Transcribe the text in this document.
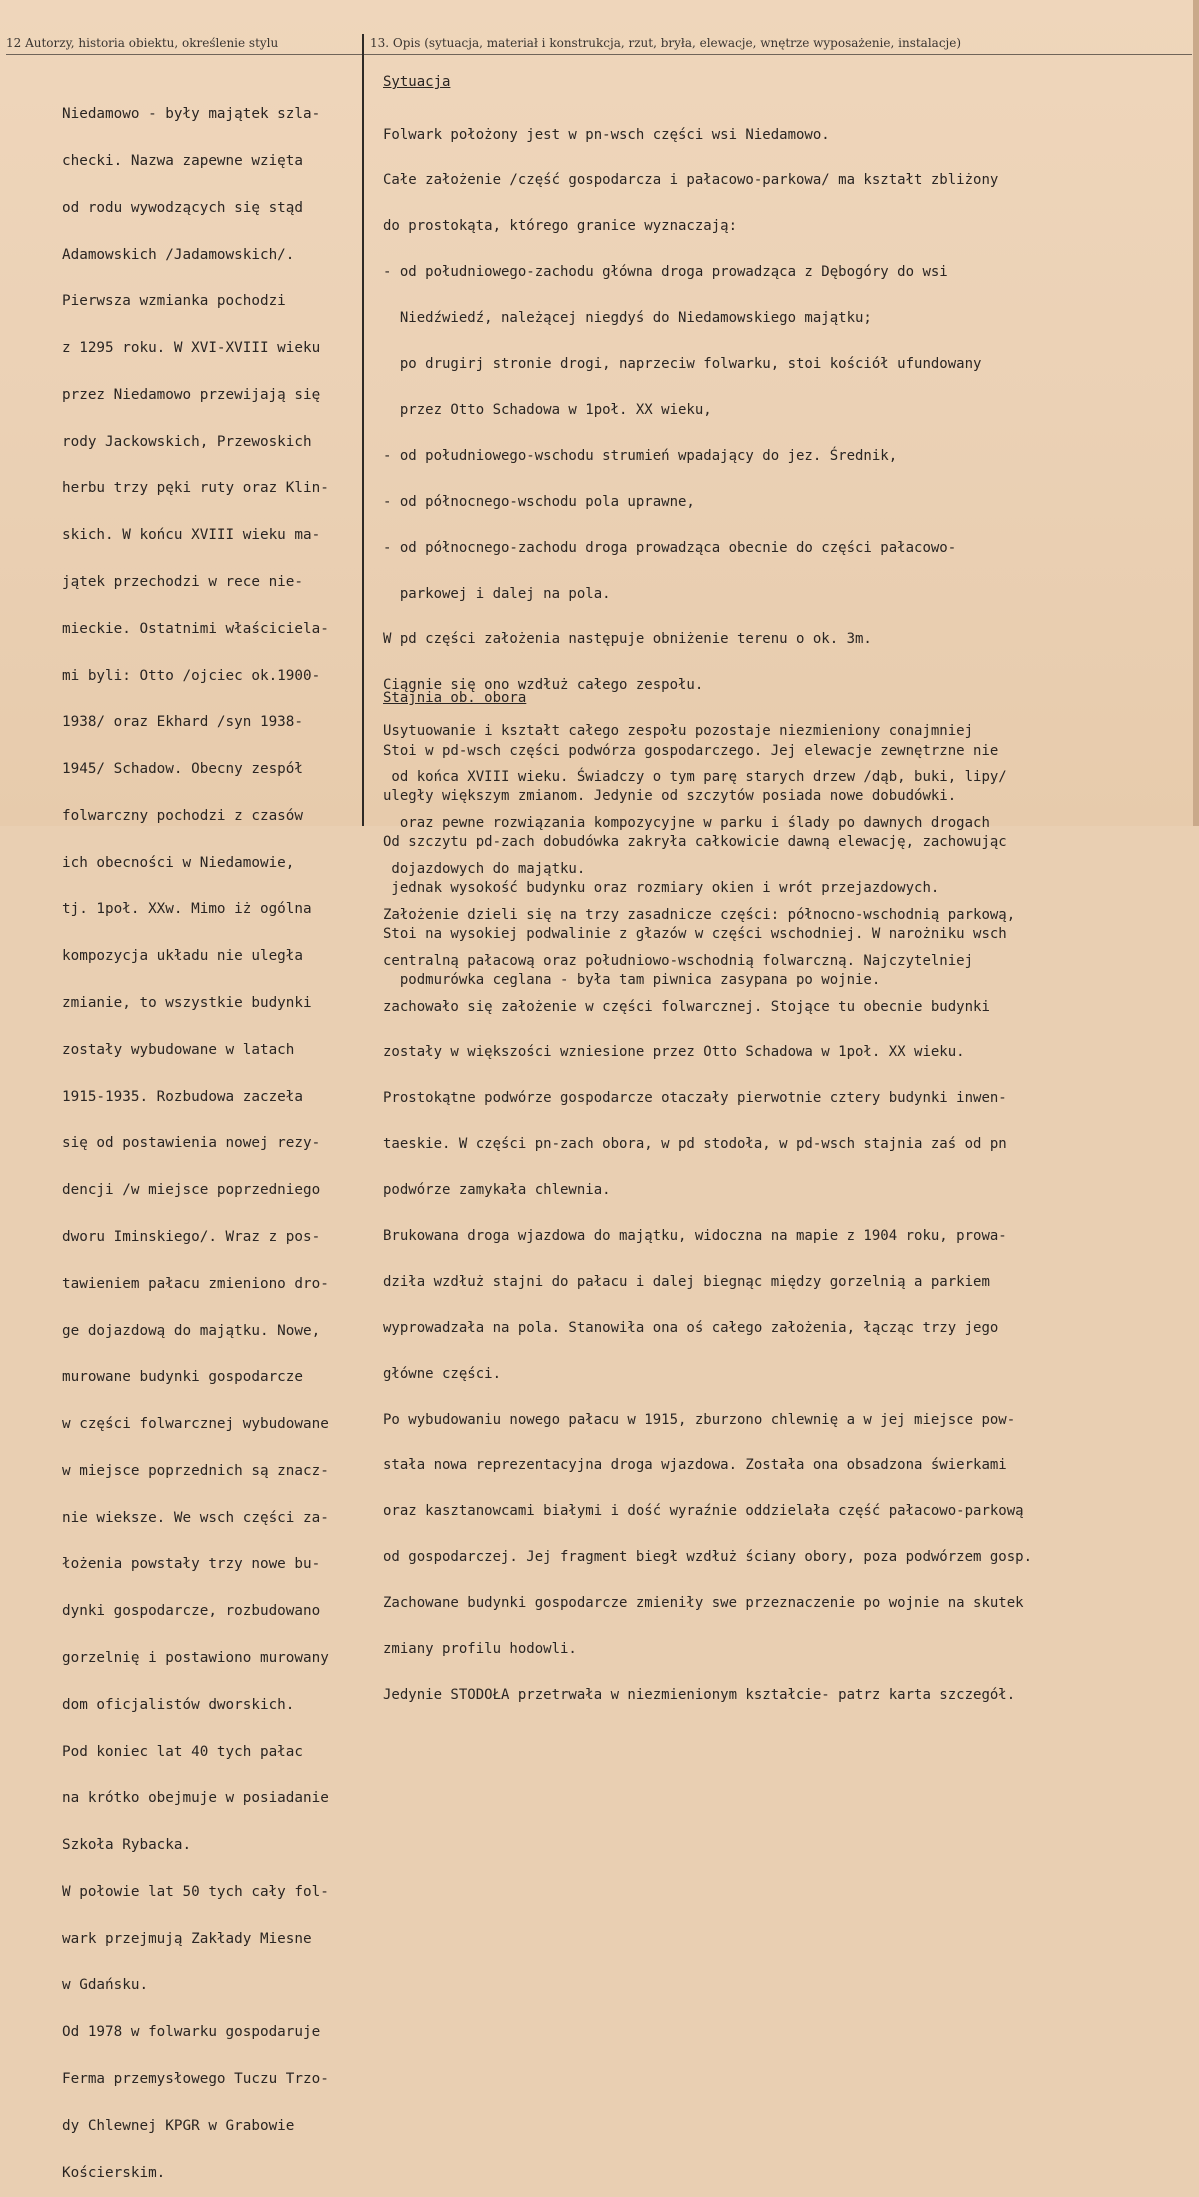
12 Autorzy, historia obiektu, określenie stylu	13. Opis (sytuacja, materiał i konstrukcja, rzut, bryła, elewacje, wnętrze wyposażenie, instalacje)

Niedamowo - były majątek szla-

checki. Nazwa zapewne wzięta

od rodu wywodzących się stąd

Adamowskich /Jadamowskich/.

Pierwsza wzmianka pochodzi

z 1295 roku. W XVI-XVIII wieku

przez Niedamowo przewijają się

rody Jackowskich, Przewoskich

herbu trzy pęki ruty oraz Klin-

skich. W końcu XVIII wieku ma-

jątek przechodzi w rece nie-

mieckie. Ostatnimi właściciela-

mi byli: Otto /ojciec ok.1900-

1938/ oraz Ekhard /syn 1938-

1945/ Schadow. Obecny zespół

folwarczny pochodzi z czasów

ich obecności w Niedamowie,

tj. 1poł. XXw. Mimo iż ogólna

kompozycja układu nie uległa

zmianie, to wszystkie budynki

zostały wybudowane w latach

1915-1935. Rozbudowa zaczeła

się od postawienia nowej rezy-

dencji /w miejsce poprzedniego

dworu Iminskiego/. Wraz z pos-

tawieniem pałacu zmieniono dro-

ge dojazdową do majątku. Nowe,

murowane budynki gospodarcze

w części folwarcznej wybudowane

w miejsce poprzednich są znacz-

nie wieksze. We wsch części za-

łożenia powstały trzy nowe bu-

dynki gospodarcze, rozbudowano

gorzelnię i postawiono murowany

dom oficjalistów dworskich.

Pod koniec lat 40 tych pałac

na krótko obejmuje w posiadanie

Szkoła Rybacka.

W połowie lat 50 tych cały fol-

wark przejmują Zakłady Miesne

w Gdańsku.

Od 1978 w folwarku gospodaruje

Ferma przemysłowego Tuczu Trzo-

dy Chlewnej KPGR w Grabowie

Kościerskim.

Sytuacja

Folwark położony jest w pn-wsch części wsi Niedamowo.

Całe założenie /część gospodarcza i pałacowo-parkowa/ ma kształt zbliżony

do prostokąta, którego granice wyznaczają:

- od południowego-zachodu główna droga prowadząca z Dębogóry do wsi

Niedźwiedź, należącej niegdyś do Niedamowskiego majątku;

po drugirj stronie drogi, naprzeciw folwarku, stoi kościół ufundowany

przez Otto Schadowa w 1poł. XX wieku,

- od południowego-wschodu strumień wpadający do jez. Średnik,

- od północnego-wschodu pola uprawne,

- od północnego-zachodu droga prowadząca obecnie do części pałacowo-

parkowej i dalej na pola.

W pd części założenia następuje obniżenie terenu o ok. 3m.

Ciągnie się ono wzdłuż całego zespołu.

Usytuowanie i kształt całego zespołu pozostaje niezmieniony conajmniej

od końca XVIII wieku. Świadczy o tym parę starych drzew /dąb, buki, lipy/

oraz pewne rozwiązania kompozycyjne w parku i ślady po dawnych drogach

dojazdowych do majątku.

Założenie dzieli się na trzy zasadnicze części: północno-wschodnią parkową,

centralną pałacową oraz południowo-wschodnią folwarczną. Najczytelniej

zachowało się założenie w części folwarcznej. Stojące tu obecnie budynki

zostały w większości wzniesione przez Otto Schadowa w 1poł. XX wieku.

Prostokątne podwórze gospodarcze otaczały pierwotnie cztery budynki inwen-

taeskie. W części pn-zach obora, w pd stodoła, w pd-wsch stajnia zaś od pn

podwórze zamykała chlewnia.

Brukowana droga wjazdowa do majątku, widoczna na mapie z 1904 roku, prowa-

dziła wzdłuż stajni do pałacu i dalej biegnąc między gorzelnią a parkiem

wyprowadzała na pola. Stanowiła ona oś całego założenia, łącząc trzy jego

główne części.

Po wybudowaniu nowego pałacu w 1915, zburzono chlewnię a w jej miejsce pow-

stała nowa reprezentacyjna droga wjazdowa. Została ona obsadzona świerkami

oraz kasztanowcami białymi i dość wyraźnie oddzielała część pałacowo-parkową

od gospodarczej. Jej fragment biegł wzdłuż ściany obory, poza podwórzem gosp.

Zachowane budynki gospodarcze zmieniły swe przeznaczenie po wojnie na skutek

zmiany profilu hodowli.

Jedynie STODOŁA przetrwała w niezmienionym kształcie- patrz karta szczegół.

Stajnia ob. obora

Stoi w pd-wsch części podwórza gospodarczego. Jej elewacje zewnętrzne nie

uległy większym zmianom. Jedynie od szczytów posiada nowe dobudówki.

Od szczytu pd-zach dobudówka zakryła całkowicie dawną elewację, zachowując

jednak wysokość budynku oraz rozmiary okien i wrót przejazdowych.

Stoi na wysokiej podwalinie z głazów w części wschodniej. W narożniku wsch

podmurówka ceglana - była tam piwnica zasypana po wojnie.
